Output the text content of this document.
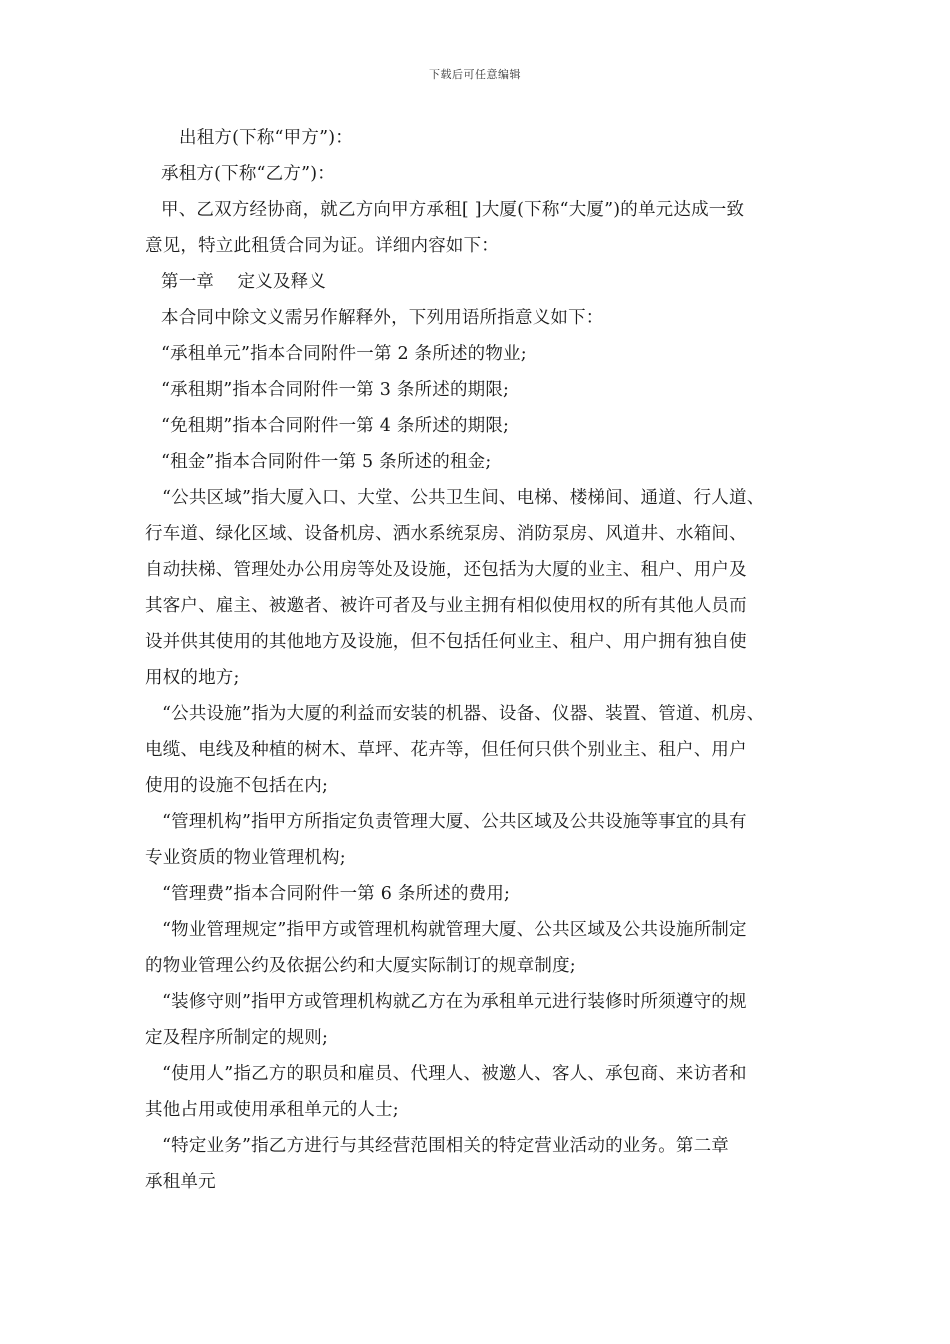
下载后可任意编辑
出租方(下称“甲方”)：
承租方(下称“乙方”)：
甲、乙双方经协商，就乙方向甲方承租[ ]大厦(下称“大厦”)的单元达成一致
意见，特立此租赁合同为证。详细内容如下：
第一章　 定义及释义
本合同中除文义需另作解释外，下列用语所指意义如下：
“承租单元”指本合同附件一第 2 条所述的物业;
“承租期”指本合同附件一第 3 条所述的期限;
“免租期”指本合同附件一第 4 条所述的期限;
“租金”指本合同附件一第 5 条所述的租金;
“公共区域”指大厦入口、大堂、公共卫生间、电梯、楼梯间、通道、行人道、
行车道、绿化区域、设备机房、洒水系统泵房、消防泵房、风道井、水箱间、
自动扶梯、管理处办公用房等处及设施，还包括为大厦的业主、租户、用户及
其客户、雇主、被邀者、被许可者及与业主拥有相似使用权的所有其他人员而
设并供其使用的其他地方及设施，但不包括任何业主、租户、用户拥有独自使
用权的地方;
“公共设施”指为大厦的利益而安装的机器、设备、仪器、装置、管道、机房、
电缆、电线及种植的树木、草坪、花卉等，但任何只供个别业主、租户、用户
使用的设施不包括在内;
“管理机构”指甲方所指定负责管理大厦、公共区域及公共设施等事宜的具有
专业资质的物业管理机构;
“管理费”指本合同附件一第 6 条所述的费用;
“物业管理规定”指甲方或管理机构就管理大厦、公共区域及公共设施所制定
的物业管理公约及依据公约和大厦实际制订的规章制度;
“装修守则”指甲方或管理机构就乙方在为承租单元进行装修时所须遵守的规
定及程序所制定的规则;
“使用人”指乙方的职员和雇员、代理人、被邀人、客人、承包商、来访者和
其他占用或使用承租单元的人士;
“特定业务”指乙方进行与其经营范围相关的特定营业活动的业务。第二章
承租单元
